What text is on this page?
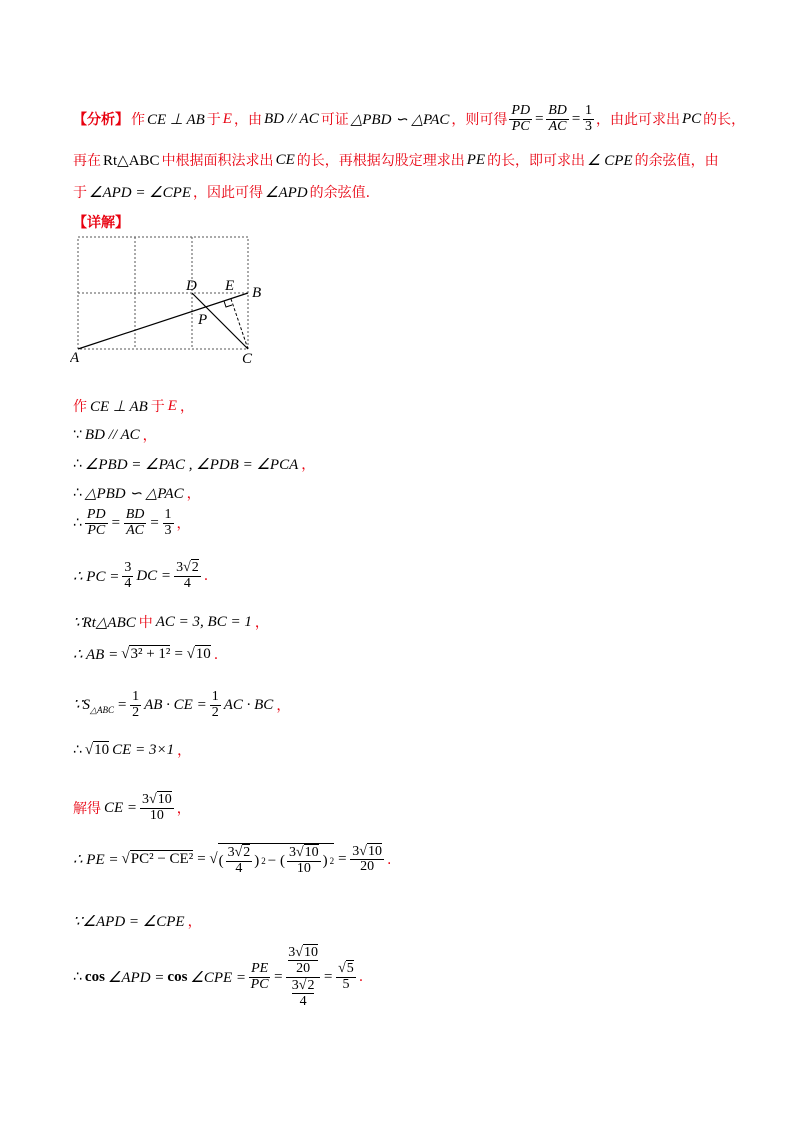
【分析】 作 CE ⊥ AB 于 E ，由 BD // AC 可证 △PBD ∽ △PAC ，则可得 $\frac{PD}{PC} = \frac{BD}{AC} = \frac{1}{3}$ ，由此可求出 PC 的长，
再在 Rt△ABC 中根据面积法求出 CE 的长，再根据勾股定理求出 PE 的长，即可求出 ∠ CPE 的余弦值，由
于 ∠APD = ∠CPE ，因此可得 ∠APD 的余弦值.
【详解】
A
B
C
D E
P
作 CE ⊥ AB 于 E ，
∵ BD // AC ，
∴ ∠PBD = ∠PAC , ∠PDB = ∠PCA ，
∴ △PBD ∽ △PAC ，
∴ $\frac{PD}{PC} = \frac{BD}{AC} = \frac{1}{3}$ ，
∴ PC = $\frac{3}{4}$ DC = $\frac{3√2}{4}$ .
∵Rt△ABC 中 AC = 3, BC = 1 ，
∴ AB = √3² + 1² = √10 .
$\because S_{\triangle ABC} = \frac{1}{2}$ AB · CE = $\frac{1}{2}$ AC · BC ，
∴ √10 CE = 3×1 ，
解得 CE = $\frac{3√10}{10}$ ，
∴ PE = √PC² − CE² = √ ( $\frac{3√2}{4}$ ) 2 − ( $\frac{3√10}{10}$ ) $2 = \frac{3√10}{20}$ .
∵∠APD = ∠CPE ，
∴ cos ∠APD = cos ∠CPE = $\frac{PE}{PC} = 3√10$
20
3√2
$4 = \frac{√5}{5}$ .
